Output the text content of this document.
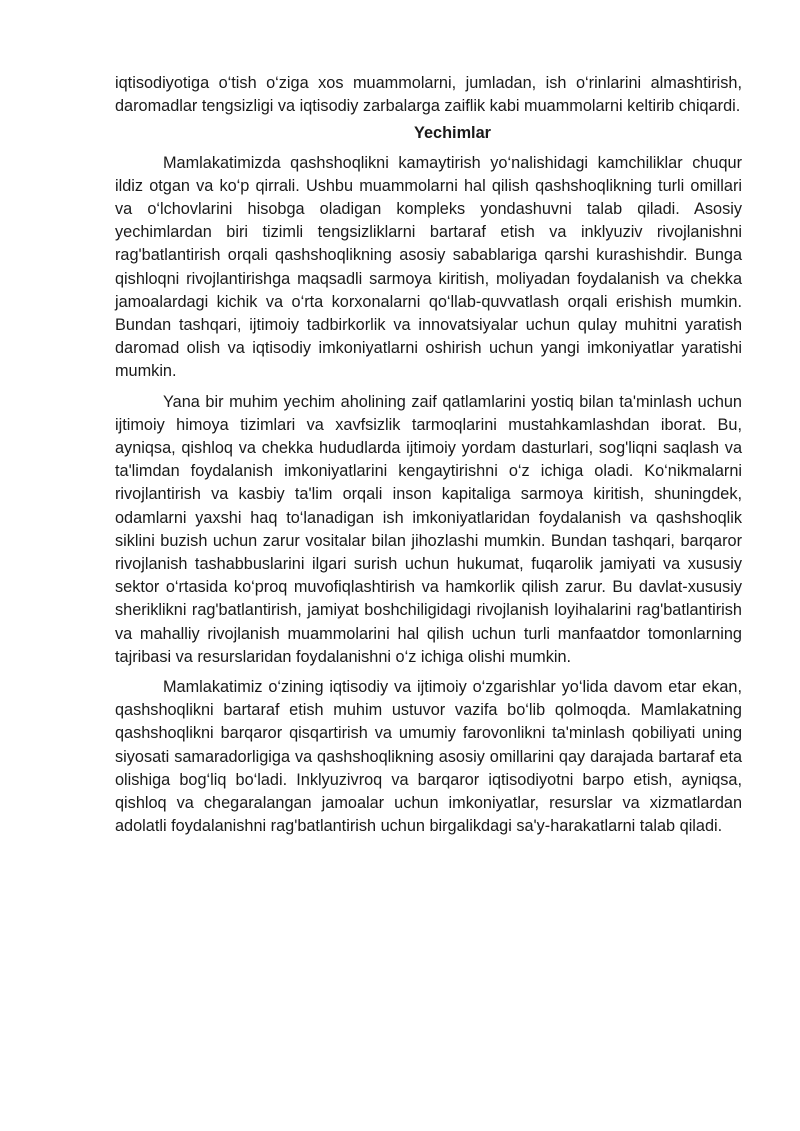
iqtisodiyotiga o‘tish o‘ziga xos muammolarni, jumladan, ish o‘rinlarini almashtirish, daromadlar tengsizligi va iqtisodiy zarbalarga zaiflik kabi muammolarni keltirib chiqardi.

Yechimlar

Mamlakatimizda qashshoqlikni kamaytirish yo‘nalishidagi kamchiliklar chuqur ildiz otgan va ko‘p qirrali. Ushbu muammolarni hal qilish qashshoqlikning turli omillari va o‘lchovlarini hisobga oladigan kompleks yondashuvni talab qiladi. Asosiy yechimlardan biri tizimli tengsizliklarni bartaraf etish va inklyuziv rivojlanishni rag'batlantirish orqali qashshoqlikning asosiy sabablariga qarshi kurashishdir. Bunga qishloqni rivojlantirishga maqsadli sarmoya kiritish, moliyadan foydalanish va chekka jamoalardagi kichik va o‘rta korxonalarni qo‘llab-quvvatlash orqali erishish mumkin. Bundan tashqari, ijtimoiy tadbirkorlik va innovatsiyalar uchun qulay muhitni yaratish daromad olish va iqtisodiy imkoniyatlarni oshirish uchun yangi imkoniyatlar yaratishi mumkin.

Yana bir muhim yechim aholining zaif qatlamlarini yostiq bilan ta'minlash uchun ijtimoiy himoya tizimlari va xavfsizlik tarmoqlarini mustahkamlashdan iborat. Bu, ayniqsa, qishloq va chekka hududlarda ijtimoiy yordam dasturlari, sog'liqni saqlash va ta'limdan foydalanish imkoniyatlarini kengaytirishni o‘z ichiga oladi. Ko‘nikmalarni rivojlantirish va kasbiy ta'lim orqali inson kapitaliga sarmoya kiritish, shuningdek, odamlarni yaxshi haq to‘lanadigan ish imkoniyatlaridan foydalanish va qashshoqlik siklini buzish uchun zarur vositalar bilan jihozlashi mumkin. Bundan tashqari, barqaror rivojlanish tashabbuslarini ilgari surish uchun hukumat, fuqarolik jamiyati va xususiy sektor o‘rtasida ko‘proq muvofiqlashtirish va hamkorlik qilish zarur. Bu davlat-xususiy sheriklikni rag'batlantirish, jamiyat boshchiligidagi rivojlanish loyihalarini rag'batlantirish va mahalliy rivojlanish muammolarini hal qilish uchun turli manfaatdor tomonlarning tajribasi va resurslaridan foydalanishni o‘z ichiga olishi mumkin.

Mamlakatimiz o‘zining iqtisodiy va ijtimoiy o‘zgarishlar yo‘lida davom etar ekan, qashshoqlikni bartaraf etish muhim ustuvor vazifa bo‘lib qolmoqda. Mamlakatning qashshoqlikni barqaror qisqartirish va umumiy farovonlikni ta'minlash qobiliyati uning siyosati samaradorligiga va qashshoqlikning asosiy omillarini qay darajada bartaraf eta olishiga bog‘liq bo‘ladi. Inklyuzivroq va barqaror iqtisodiyotni barpo etish, ayniqsa, qishloq va chegaralangan jamoalar uchun imkoniyatlar, resurslar va xizmatlardan adolatli foydalanishni rag'batlantirish uchun birgalikdagi sa'y-harakatlarni talab qiladi.
